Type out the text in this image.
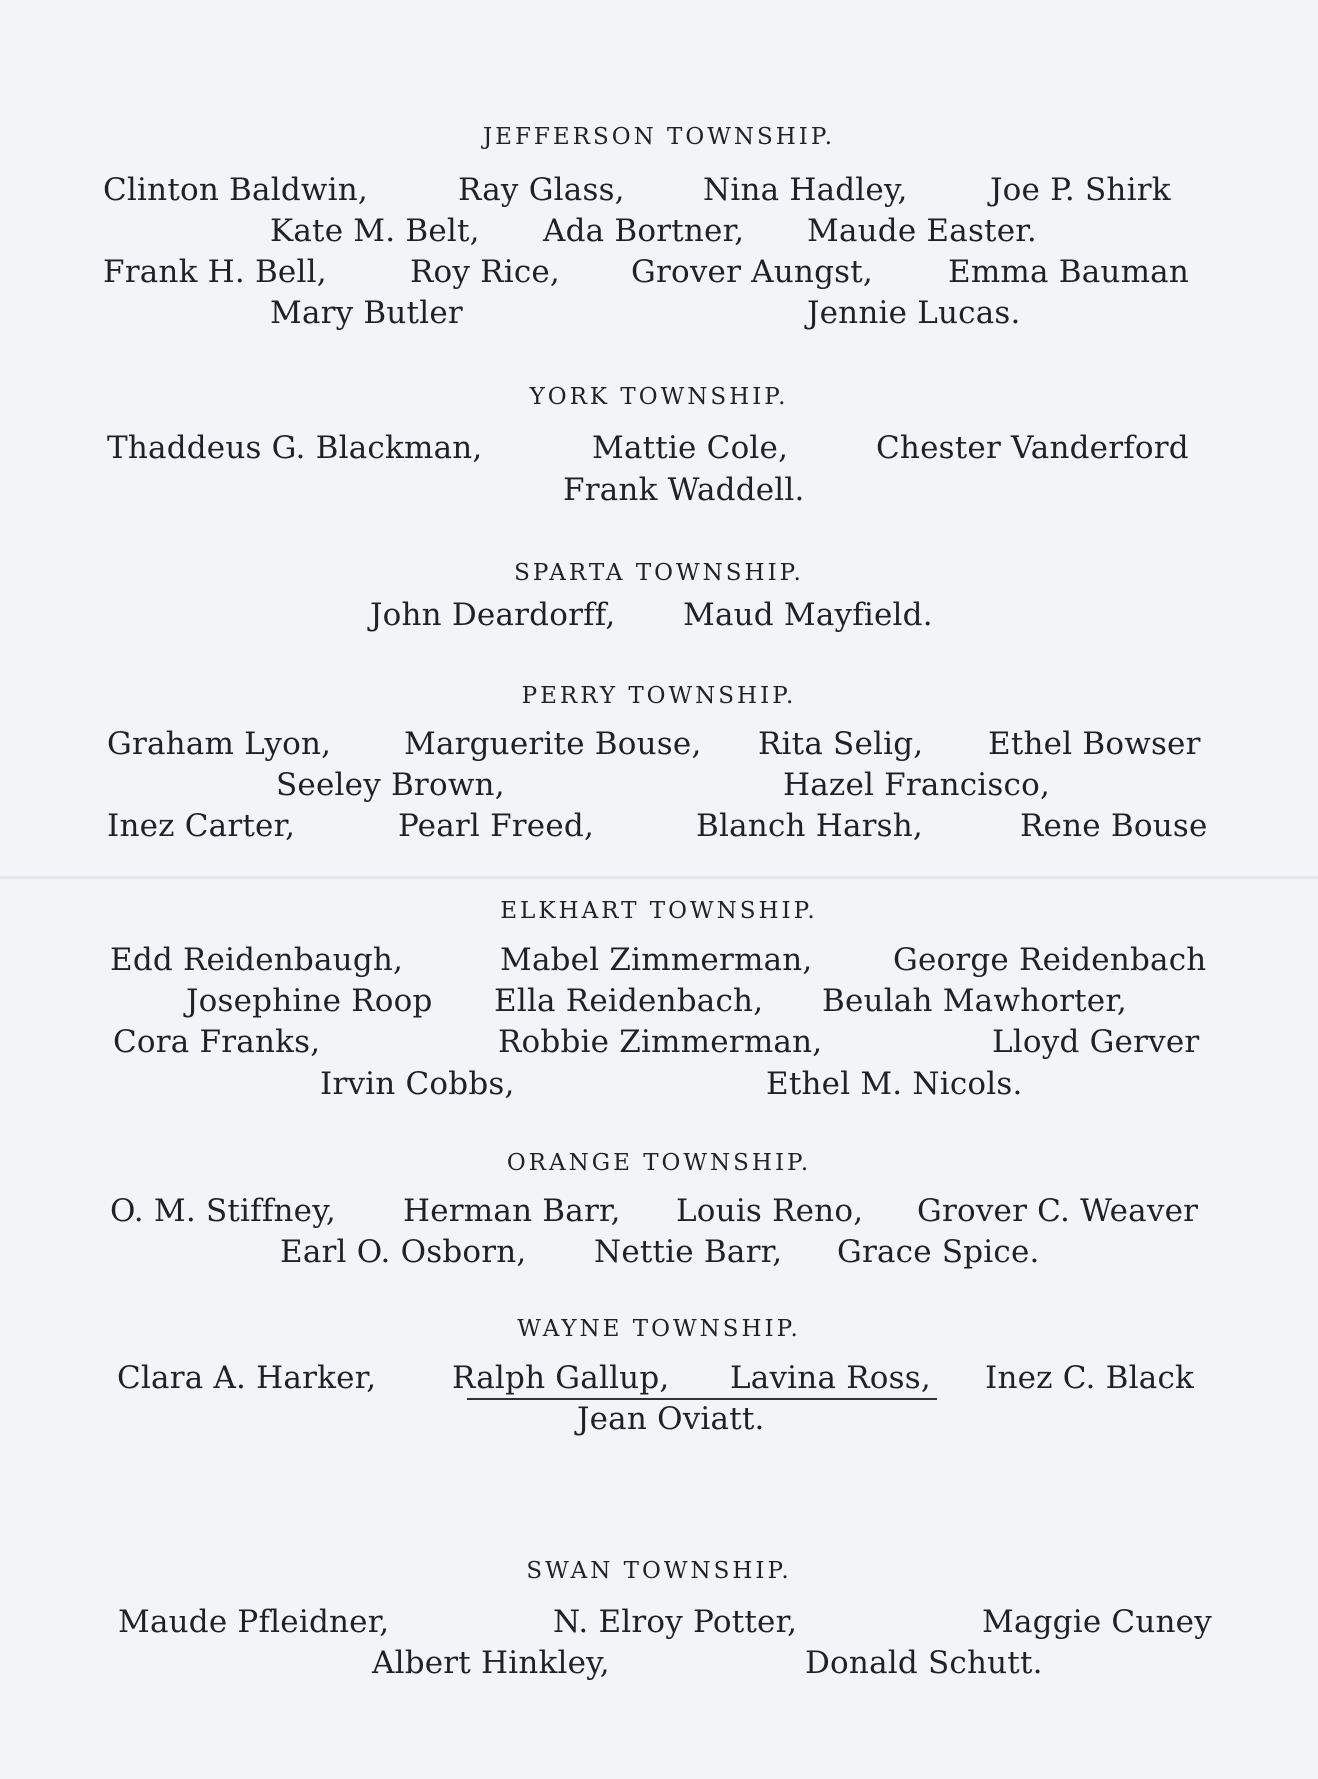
JEFFERSON TOWNSHIP.
Clinton Baldwin,	Ray Glass,	Nina Hadley,	Joe P. Shirk
Kate M. Belt, Ada Bortner, Maude Easter.
Frank H. Bell,	Roy Rice, Grover Aungst, Emma Bauman
Mary Butler	Jennie Lucas.
YORK TOWNSHIP.
Thaddeus G. Blackman,	Mattie Cole,	Chester Vanderford
Frank Waddell.
SPARTA TOWNSHIP.
John Deardorff, Maud Mayfield.
PERRY TOWNSHIP.
Graham Lyon, Marguerite Bouse, Rita Selig, Ethel Bowser
Seeley Brown,	Hazel Francisco,
Inez Carter,	Pearl Freed,	Blanch Harsh,	Rene Bouse
ELKHART TOWNSHIP.
Edd Reidenbaugh,	Mabel Zimmerman,	George Reidenbach
Josephine Roop Ella Reidenbach, Beulah Mawhorter,
Cora Franks,	Robbie Zimmerman,	Lloyd Gerver
Irvin Cobbs,	Ethel M. Nicols.
ORANGE TOWNSHIP.
O. M. Stiffney, Herman Barr, Louis Reno, Grover C. Weaver
Earl O. Osborn, Nettie Barr, Grace Spice.
WAYNE TOWNSHIP.
Clara A. Harker, Ralph Gallup, Lavina Ross, Inez C. Black
Jean Oviatt.
SWAN TOWNSHIP.
Maude Pfleidner,	N. Elroy Potter,	Maggie Cuney
Albert Hinkley,	Donald Schutt.
